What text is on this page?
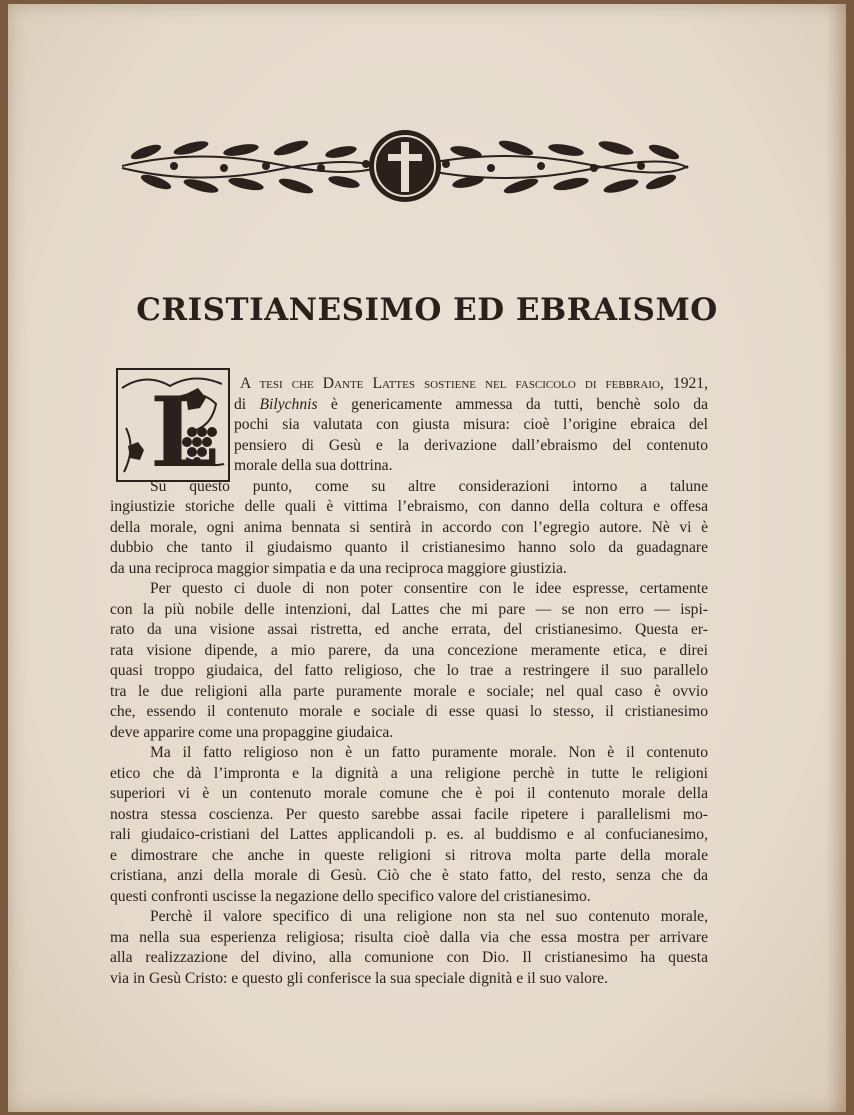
CRISTIANESIMO ED EBRAISMO
L	A tesi che Dante Lattes sostiene nel fascicolo di febbraio, 1921,
di Bilychnis è genericamente ammessa da tutti, benchè solo da
pochi sia valutata con giusta misura: cioè l’origine ebraica del
pensiero di Gesù e la derivazione dall’ebraismo del contenuto
morale della sua dottrina.
Su questo punto, come su altre considerazioni intorno a talune
ingiustizie storiche delle quali è vittima l’ebraismo, con danno della coltura e offesa
della morale, ogni anima bennata si sentirà in accordo con l’egregio autore. Nè vi è
dubbio che tanto il giudaismo quanto il cristianesimo hanno solo da guadagnare
da una reciproca maggior simpatia e da una reciproca maggiore giustizia.
Per questo ci duole di non poter consentire con le idee espresse, certamente
con la più nobile delle intenzioni, dal Lattes che mi pare — se non erro — ispi-
rato da una visione assai ristretta, ed anche errata, del cristianesimo. Questa er-
rata visione dipende, a mio parere, da una concezione meramente etica, e direi
quasi troppo giudaica, del fatto religioso, che lo trae a restringere il suo parallelo
tra le due religioni alla parte puramente morale e sociale; nel qual caso è ovvio
che, essendo il contenuto morale e sociale di esse quasi lo stesso, il cristianesimo
deve apparire come una propaggine giudaica.
Ma il fatto religioso non è un fatto puramente morale. Non è il contenuto
etico che dà l’impronta e la dignità a una religione perchè in tutte le religioni
superiori vi è un contenuto morale comune che è poi il contenuto morale della
nostra stessa coscienza. Per questo sarebbe assai facile ripetere i parallelismi mo-
rali giudaico-cristiani del Lattes applicandoli p. es. al buddismo e al confucianesimo,
e dimostrare che anche in queste religioni si ritrova molta parte della morale
cristiana, anzi della morale di Gesù. Ciò che è stato fatto, del resto, senza che da
questi confronti uscisse la negazione dello specifico valore del cristianesimo.
Perchè il valore specifico di una religione non sta nel suo contenuto morale,
ma nella sua esperienza religiosa; risulta cioè dalla via che essa mostra per arrivare
alla realizzazione del divino, alla comunione con Dio. Il cristianesimo ha questa
via in Gesù Cristo: e questo gli conferisce la sua speciale dignità e il suo valore.
